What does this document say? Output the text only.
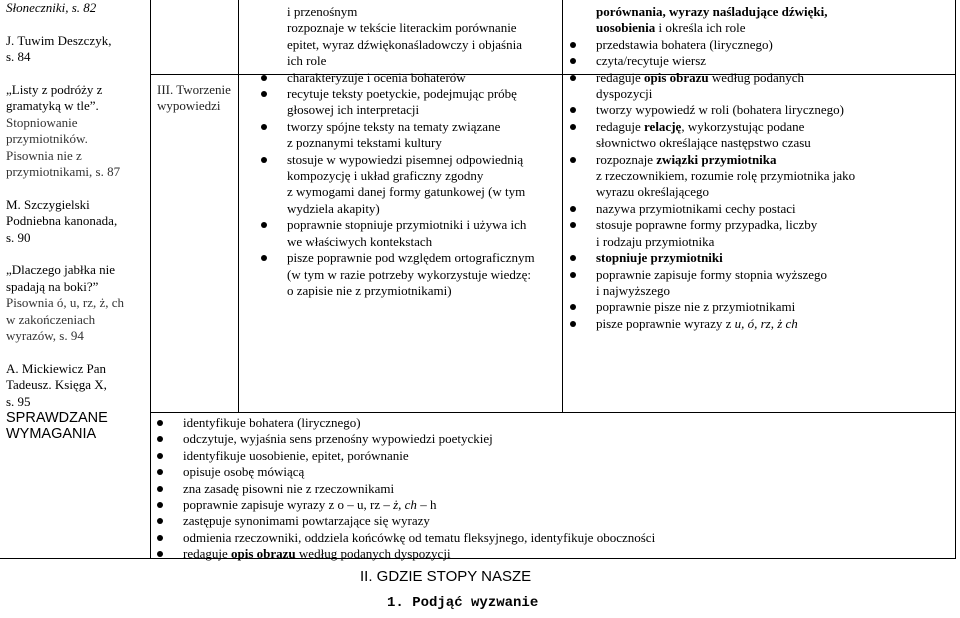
Słoneczniki, s. 82

J. Tuwim Deszczyk,

s. 84

„Listy z podróży z

gramatyką w tle”.

Stopniowanie

przymiotników.

Pisownia nie z

przymiotnikami, s. 87

M. Szczygielski

Podniebna kanonada,

s. 90

„Dlaczego jabłka nie

spadają na boki?”

Pisownia ó, u, rz, ż, ch

w zakończeniach

wyrazów, s. 94

A. Mickiewicz Pan

Tadeusz. Księga X,

s. 95

SPRAWDZANE

WYMAGANIA

III. Tworzenie
wypowiedzi
i przenośnym
rozpoznaje w tekście literackim porównanie
epitet, wyraz dźwiękonaśladowczy i objaśnia
ich role
charakteryzuje i ocenia bohaterów
recytuje teksty poetyckie, podejmując próbę
głosowej ich interpretacji
tworzy spójne teksty na tematy związane
z poznanymi tekstami kultury
stosuje w wypowiedzi pisemnej odpowiednią
kompozycję i układ graficzny zgodny
z wymogami danej formy gatunkowej (w tym
wydziela akapity)
poprawnie stopniuje przymiotniki i używa ich
we właściwych kontekstach
pisze poprawnie pod względem ortograficznym
(w tym w razie potrzeby wykorzystuje wiedzę:
o zapisie nie z przymiotnikami)
porównania, wyrazy naśladujące dźwięki,
uosobienia i określa ich role
przedstawia bohatera (lirycznego)
czyta/recytuje wiersz
redaguje opis obrazu według podanych
dyspozycji
tworzy wypowiedź w roli (bohatera lirycznego)
redaguje relację, wykorzystując podane
słownictwo określające następstwo czasu
rozpoznaje związki przymiotnika
z rzeczownikiem, rozumie rolę przymiotnika jako
wyrazu określającego
nazywa przymiotnikami cechy postaci
stosuje poprawne formy przypadka, liczby
i rodzaju przymiotnika
stopniuje przymiotniki
poprawnie zapisuje formy stopnia wyższego
i najwyższego
poprawnie pisze nie z przymiotnikami
pisze poprawnie wyrazy z u, ó, rz, ż ch
identyfikuje bohatera (lirycznego)
odczytuje, wyjaśnia sens przenośny wypowiedzi poetyckiej
identyfikuje uosobienie, epitet, porównanie
opisuje osobę mówiącą
zna zasadę pisowni nie z rzeczownikami
poprawnie zapisuje wyrazy z o – u, rz – ż, ch – h
zastępuje synonimami powtarzające się wyrazy
odmienia rzeczowniki, oddziela końcówkę od tematu fleksyjnego, identyfikuje oboczności
redaguje opis obrazu według podanych dyspozycji
II. GDZIE STOPY NASZE
1. Podjąć wyzwanie
